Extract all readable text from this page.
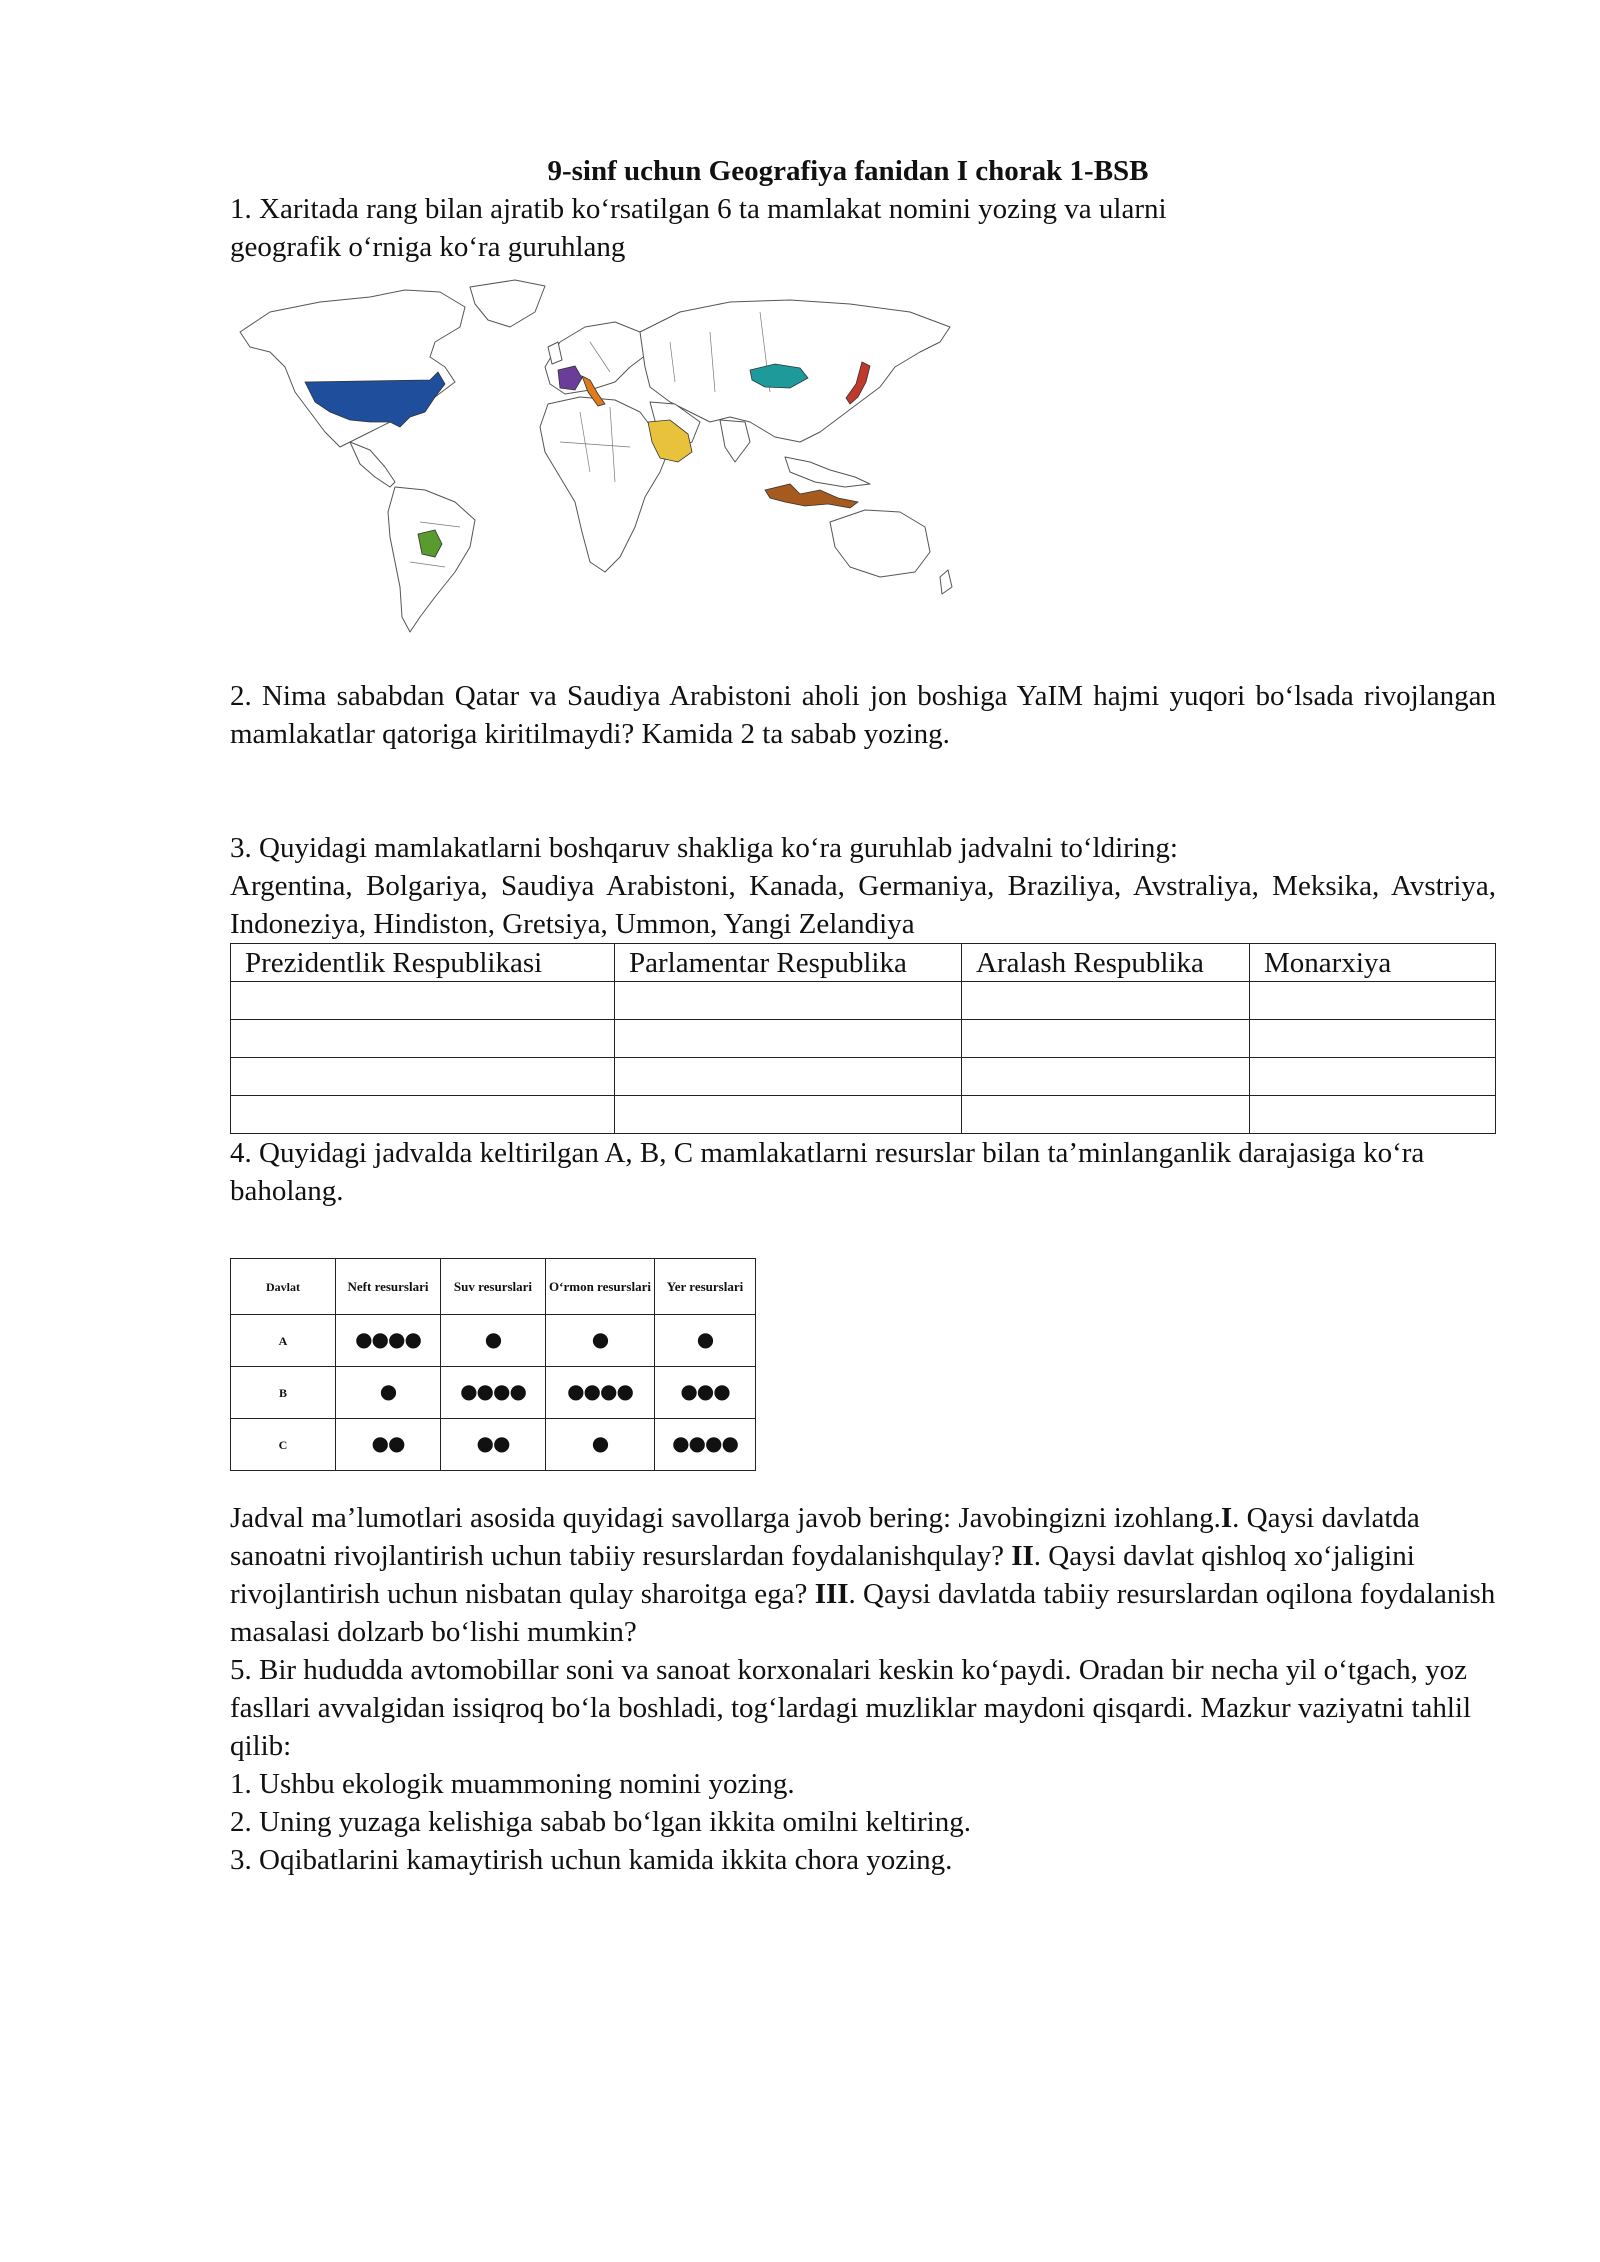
9-sinf uchun Geografiya fanidan I chorak 1-BSB

1. Xaritada rang bilan ajratib ko‘rsatilgan 6 ta mamlakat nomini yozing va ularni

geografik o‘rniga ko‘ra guruhlang

2. Nima sababdan Qatar va Saudiya Arabistoni aholi jon boshiga YaIM hajmi yuqori bo‘lsada rivojlangan mamlakatlar qatoriga kiritilmaydi? Kamida 2 ta sabab yozing.

3. Quyidagi mamlakatlarni boshqaruv shakliga ko‘ra guruhlab jadvalni to‘ldiring:

Argentina, Bolgariya, Saudiya Arabistoni, Kanada, Germaniya, Braziliya, Avstraliya, Meksika, Avstriya, Indoneziya, Hindiston, Gretsiya, Ummon, Yangi Zelandiya

Prezidentlik Respublikasi	Parlamentar Respublika	Aralash Respublika	Monarxiya

4. Quyidagi jadvalda keltirilgan A, B, C mamlakatlarni resurslar bilan ta’minlanganlik darajasiga ko‘ra baholang.

Davlat	Neft resurslari	Suv resurslari	O‘rmon resurslari	Yer resurslari
A	●●●●	●	●	●
B	●	●●●●	●●●●	●●●
C	●●	●●	●	●●●●

Jadval ma’lumotlari asosida quyidagi savollarga javob bering: Javobingizni izohlang.I. Qaysi davlatda sanoatni rivojlantirish uchun tabiiy resurslardan foydalanishqulay? II. Qaysi davlat qishloq xo‘jaligini rivojlantirish uchun nisbatan qulay sharoitga ega? III. Qaysi davlatda tabiiy resurslardan oqilona foydalanish masalasi dolzarb bo‘lishi mumkin?

5. Bir hududda avtomobillar soni va sanoat korxonalari keskin ko‘paydi. Oradan bir necha yil o‘tgach, yoz fasllari avvalgidan issiqroq bo‘la boshladi, tog‘lardagi muzliklar maydoni qisqardi. Mazkur vaziyatni tahlil qilib:

1. Ushbu ekologik muammoning nomini yozing.

2. Uning yuzaga kelishiga sabab bo‘lgan ikkita omilni keltiring.

3. Oqibatlarini kamaytirish uchun kamida ikkita chora yozing.
